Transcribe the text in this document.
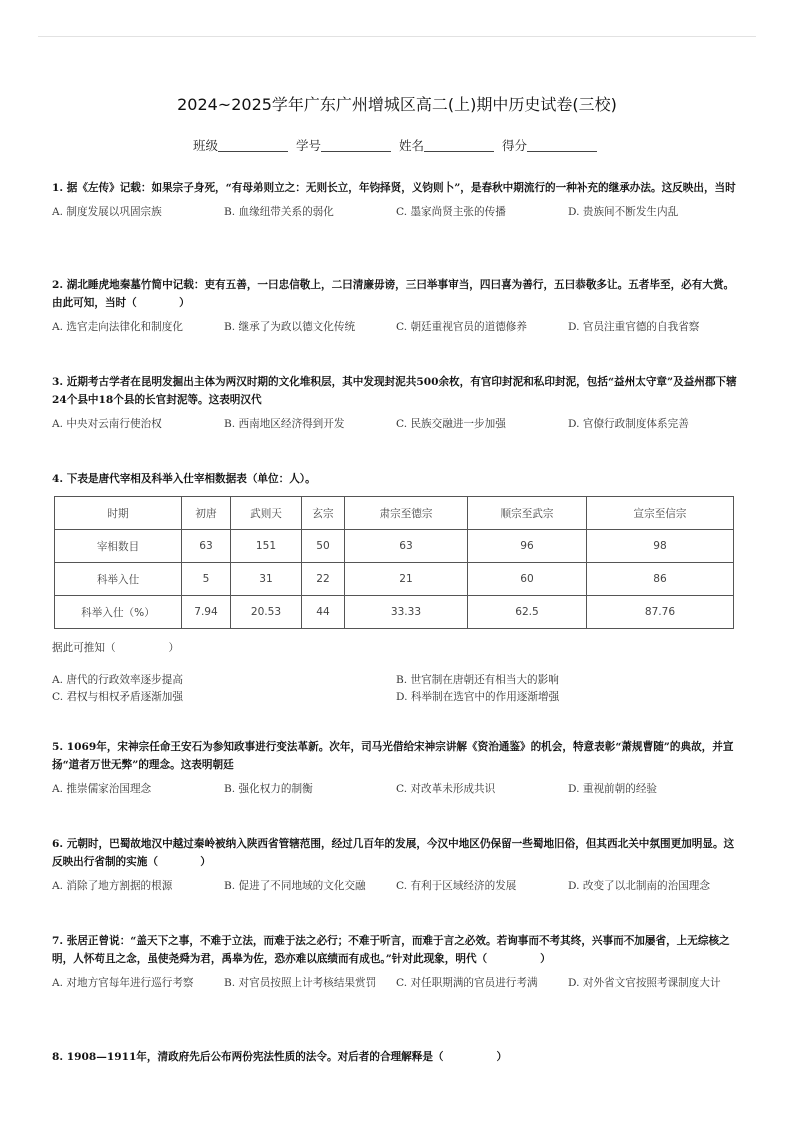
2024~2025学年广东广州增城区高二(上)期中历史试卷(三校)
班级	学号	姓名	得分
1. 据《左传》记载：如果宗子身死，“有母弟则立之：无则长立，年钧择贤，义钧则卜”，是春秋中期流行的一种补充的继承办法。这反映出，当时
A. 制度发展以巩固宗族	B. 血缘纽带关系的弱化	C. 墨家尚贤主张的传播	D. 贵族间不断发生内乱
2. 湖北睡虎地秦墓竹简中记载：吏有五善，一曰忠信敬上，二曰清廉毋谤，三曰举事审当，四曰喜为善行，五曰恭敬多让。五者毕至，必有大赏。由此可知，当时（　　　　）
A. 选官走向法律化和制度化	B. 继承了为政以德文化传统	C. 朝廷重视官员的道德修养	D. 官员注重官德的自我省察
3. 近期考古学者在昆明发掘出主体为两汉时期的文化堆积层，其中发现封泥共500余枚，有官印封泥和私印封泥，包括“益州太守章”及益州郡下辖24个县中18个县的长官封泥等。这表明汉代
A. 中央对云南行使治权	B. 西南地区经济得到开发	C. 民族交融进一步加强	D. 官僚行政制度体系完善
4. 下表是唐代宰相及科举入仕宰相数据表（单位：人）。
时期	初唐	武则天	玄宗	肃宗至德宗	顺宗至武宗	宣宗至信宗
宰相数目	63	151	50	63	96	98
科举入仕	5	31	22	21	60	86
科举入仕（%）	7.94	20.53	44	33.33	62.5	87.76
据此可推知（　　　　　）
A. 唐代的行政效率逐步提高	B. 世官制在唐朝还有相当大的影响
C. 君权与相权矛盾逐渐加强	D. 科举制在选官中的作用逐渐增强
5. 1069年，宋神宗任命王安石为参知政事进行变法革新。次年，司马光借给宋神宗讲解《资治通鉴》的机会，特意表彰“萧规曹随”的典故，并宣扬“道者万世无弊”的理念。这表明朝廷
A. 推崇儒家治国理念	B. 强化权力的制衡	C. 对改革未形成共识	D. 重视前朝的经验
6. 元朝时，巴蜀故地汉中越过秦岭被纳入陕西省管辖范围，经过几百年的发展，今汉中地区仍保留一些蜀地旧俗，但其西北关中氛围更加明显。这反映出行省制的实施（　　　　）
A. 消除了地方割据的根源	B. 促进了不同地域的文化交融	C. 有利于区域经济的发展	D. 改变了以北制南的治国理念
7. 张居正曾说：“盖天下之事，不难于立法，而难于法之必行；不难于听言，而难于言之必效。若询事而不考其终，兴事而不加屡省，上无综核之明，人怀苟且之念，虽使尧舜为君，禹皋为佐，恐亦难以底绩而有成也。”针对此现象，明代（　　　　　）
A. 对地方官每年进行巡行考察	B. 对官员按照上计考核结果赏罚	C. 对任职期满的官员进行考满	D. 对外省文官按照考课制度大计
8. 1908—1911年，清政府先后公布两份宪法性质的法令。对后者的合理解释是（　　　　　）
